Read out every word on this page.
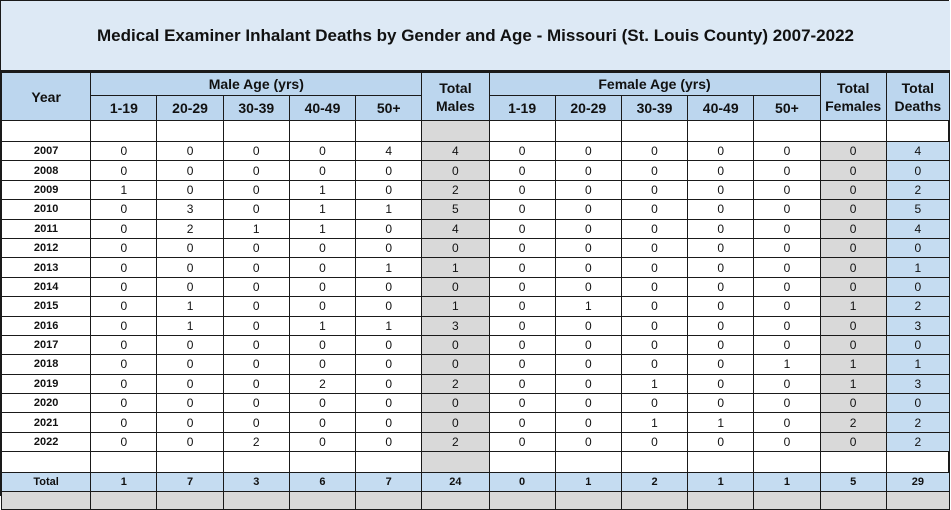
Medical Examiner Inhalant Deaths by Gender and Age - Missouri (St. Louis County) 2007-2022
Year	Male Age (yrs)					Total Males	Female Age (yrs)					Total Females	Total Deaths
	1-19	20-29	30-39	40-49	50+		1-19	20-29	30-39	40-49	50+		

2007	0	0	0	0	4	4	0	0	0	0	0	0	4
2008	0	0	0	0	0	0	0	0	0	0	0	0	0
2009	1	0	0	1	0	2	0	0	0	0	0	0	2
2010	0	3	0	1	1	5	0	0	0	0	0	0	5
2011	0	2	1	1	0	4	0	0	0	0	0	0	4
2012	0	0	0	0	0	0	0	0	0	0	0	0	0
2013	0	0	0	0	1	1	0	0	0	0	0	0	1
2014	0	0	0	0	0	0	0	0	0	0	0	0	0
2015	0	1	0	0	0	1	0	1	0	0	0	1	2
2016	0	1	0	1	1	3	0	0	0	0	0	0	3
2017	0	0	0	0	0	0	0	0	0	0	0	0	0
2018	0	0	0	0	0	0	0	0	0	0	1	1	1
2019	0	0	0	2	0	2	0	0	1	0	0	1	3
2020	0	0	0	0	0	0	0	0	0	0	0	0	0
2021	0	0	0	0	0	0	0	0	1	1	0	2	2
2022	0	0	2	0	0	2	0	0	0	0	0	0	2

Total	1	7	3	6	7	24	0	1	2	1	1	5	29
